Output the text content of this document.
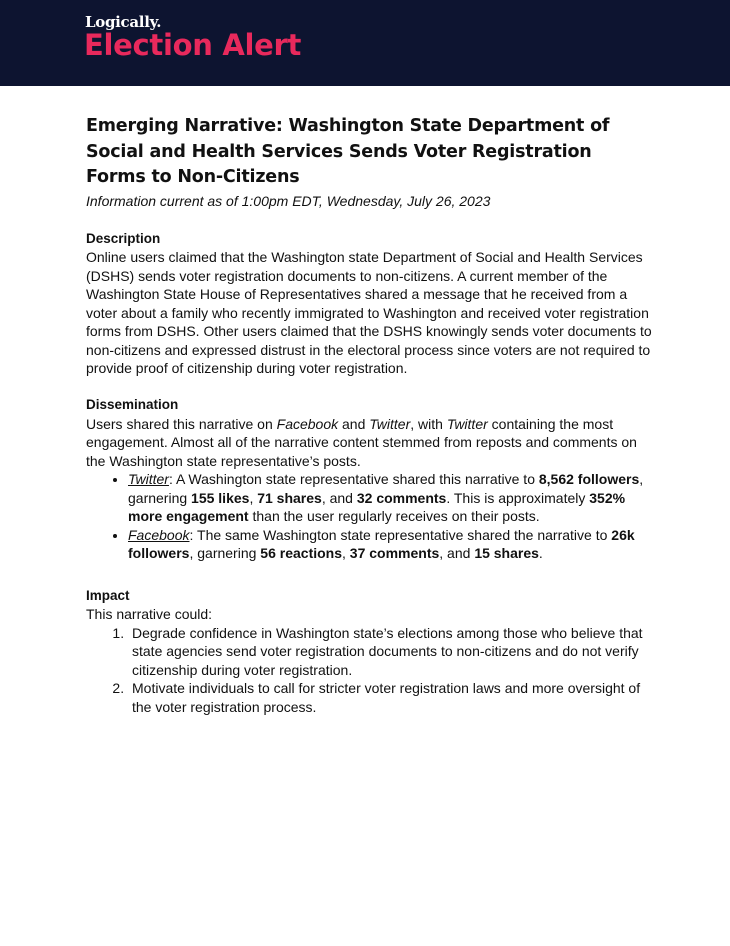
Logically.
Election Alert
Emerging Narrative: Washington State Department of Social and Health Services Sends Voter Registration Forms to Non-Citizens

Information current as of 1:00pm EDT, Wednesday, July 26, 2023

Description

Online users claimed that the Washington state Department of Social and Health Services (DSHS) sends voter registration documents to non-citizens. A current member of the Washington State House of Representatives shared a message that he received from a voter about a family who recently immigrated to Washington and received voter registration forms from DSHS. Other users claimed that the DSHS knowingly sends voter documents to non-citizens and expressed distrust in the electoral process since voters are not required to provide proof of citizenship during voter registration.

Dissemination

Users shared this narrative on Facebook and Twitter, with Twitter containing the most engagement. Almost all of the narrative content stemmed from reposts and comments on the Washington state representative’s posts.

• Twitter: A Washington state representative shared this narrative to 8,562 followers, garnering 155 likes, 71 shares, and 32 comments. This is approximately 352% more engagement than the user regularly receives on their posts.
• Facebook: The same Washington state representative shared the narrative to 26k followers, garnering 56 reactions, 37 comments, and 15 shares.

Impact

This narrative could:

1. Degrade confidence in Washington state’s elections among those who believe that state agencies send voter registration documents to non-citizens and do not verify citizenship during voter registration.
2. Motivate individuals to call for stricter voter registration laws and more oversight of the voter registration process.
